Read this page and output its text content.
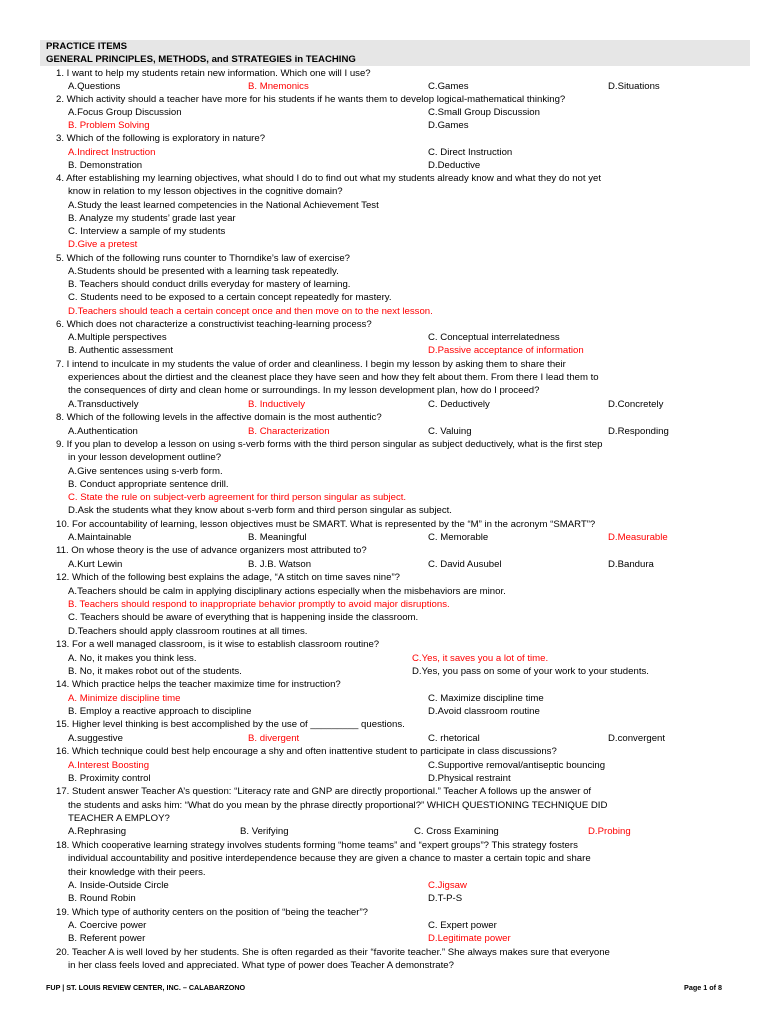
PRACTICE ITEMS
GENERAL PRINCIPLES, METHODS, and STRATEGIES in TEACHING
1. I want to help my students retain new information. Which one will I use?
A.Questions	B. Mnemonics	C.Games	D.Situations
2. Which activity should a teacher have more for his students if he wants them to develop logical-mathematical thinking?
A.Focus Group Discussion	C.Small Group Discussion
B. Problem Solving	D.Games
3. Which of the following is exploratory in nature?
A.Indirect Instruction	C. Direct Instruction
B. Demonstration	D.Deductive
4. After establishing my learning objectives, what should I do to find out what my students already know and what they do not yet
know in relation to my lesson objectives in the cognitive domain?
A.Study the least learned competencies in the National Achievement Test
B. Analyze my students’ grade last year
C. Interview a sample of my students
D.Give a pretest
5. Which of the following runs counter to Thorndike’s law of exercise?
A.Students should be presented with a learning task repeatedly.
B. Teachers should conduct drills everyday for mastery of learning.
C. Students need to be exposed to a certain concept repeatedly for mastery.
D.Teachers should teach a certain concept once and then move on to the next lesson.
6. Which does not characterize a constructivist teaching-learning process?
A.Multiple perspectives	C. Conceptual interrelatedness
B. Authentic assessment	D.Passive acceptance of information
7. I intend to inculcate in my students the value of order and cleanliness. I begin my lesson by asking them to share their
experiences about the dirtiest and the cleanest place they have seen and how they felt about them. From there I lead them to
the consequences of dirty and clean home or surroundings. In my lesson development plan, how do I proceed?
A.Transductively	B. Inductively	C. Deductively	D.Concretely
8. Which of the following levels in the affective domain is the most authentic?
A.Authentication	B. Characterization	C. Valuing	D.Responding
9. If you plan to develop a lesson on using s-verb forms with the third person singular as subject deductively, what is the first step
in your lesson development outline?
A.Give sentences using s-verb form.
B. Conduct appropriate sentence drill.
C. State the rule on subject-verb agreement for third person singular as subject.
D.Ask the students what they know about s-verb form and third person singular as subject.
10. For accountability of learning, lesson objectives must be SMART. What is represented by the “M” in the acronym “SMART”?
A.Maintainable	B. Meaningful	C. Memorable	D.Measurable
11. On whose theory is the use of advance organizers most attributed to?
A.Kurt Lewin	B. J.B. Watson	C. David Ausubel	D.Bandura
12. Which of the following best explains the adage, “A stitch on time saves nine”?
A.Teachers should be calm in applying disciplinary actions especially when the misbehaviors are minor.
B. Teachers should respond to inappropriate behavior promptly to avoid major disruptions.
C. Teachers should be aware of everything that is happening inside the classroom.
D.Teachers should apply classroom routines at all times.
13. For a well managed classroom, is it wise to establish classroom routine?
A. No, it makes you think less.	C.Yes, it saves you a lot of time.
B. No, it makes robot out of the students.	D.Yes, you pass on some of your work to your students.
14. Which practice helps the teacher maximize time for instruction?
A. Minimize discipline time	C. Maximize discipline time
B. Employ a reactive approach to discipline	D.Avoid classroom routine
15. Higher level thinking is best accomplished by the use of _________ questions.
A.suggestive	B. divergent	C. rhetorical	D.convergent
16. Which technique could best help encourage a shy and often inattentive student to participate in class discussions?
A.Interest Boosting	C.Supportive removal/antiseptic bouncing
B. Proximity control	D.Physical restraint
17. Student answer Teacher A’s question: “Literacy rate and GNP are directly proportional.” Teacher A follows up the answer of
the students and asks him: “What do you mean by the phrase directly proportional?” WHICH QUESTIONING TECHNIQUE DID
TEACHER A EMPLOY?
A.Rephrasing	B. Verifying	C. Cross Examining	D.Probing
18. Which cooperative learning strategy involves students forming “home teams” and “expert groups”? This strategy fosters
individual accountability and positive interdependence because they are given a chance to master a certain topic and share
their knowledge with their peers.
A. Inside-Outside Circle	C.Jigsaw
B. Round Robin	D.T-P-S
19. Which type of authority centers on the position of “being the teacher”?
A. Coercive power	C. Expert power
B. Referent power	D.Legitimate power
20. Teacher A is well loved by her students. She is often regarded as their “favorite teacher.” She always makes sure that everyone
in her class feels loved and appreciated. What type of power does Teacher A demonstrate?
FUP | ST. LOUIS REVIEW CENTER, INC. – CALABARZONO	Page 1 of 8
